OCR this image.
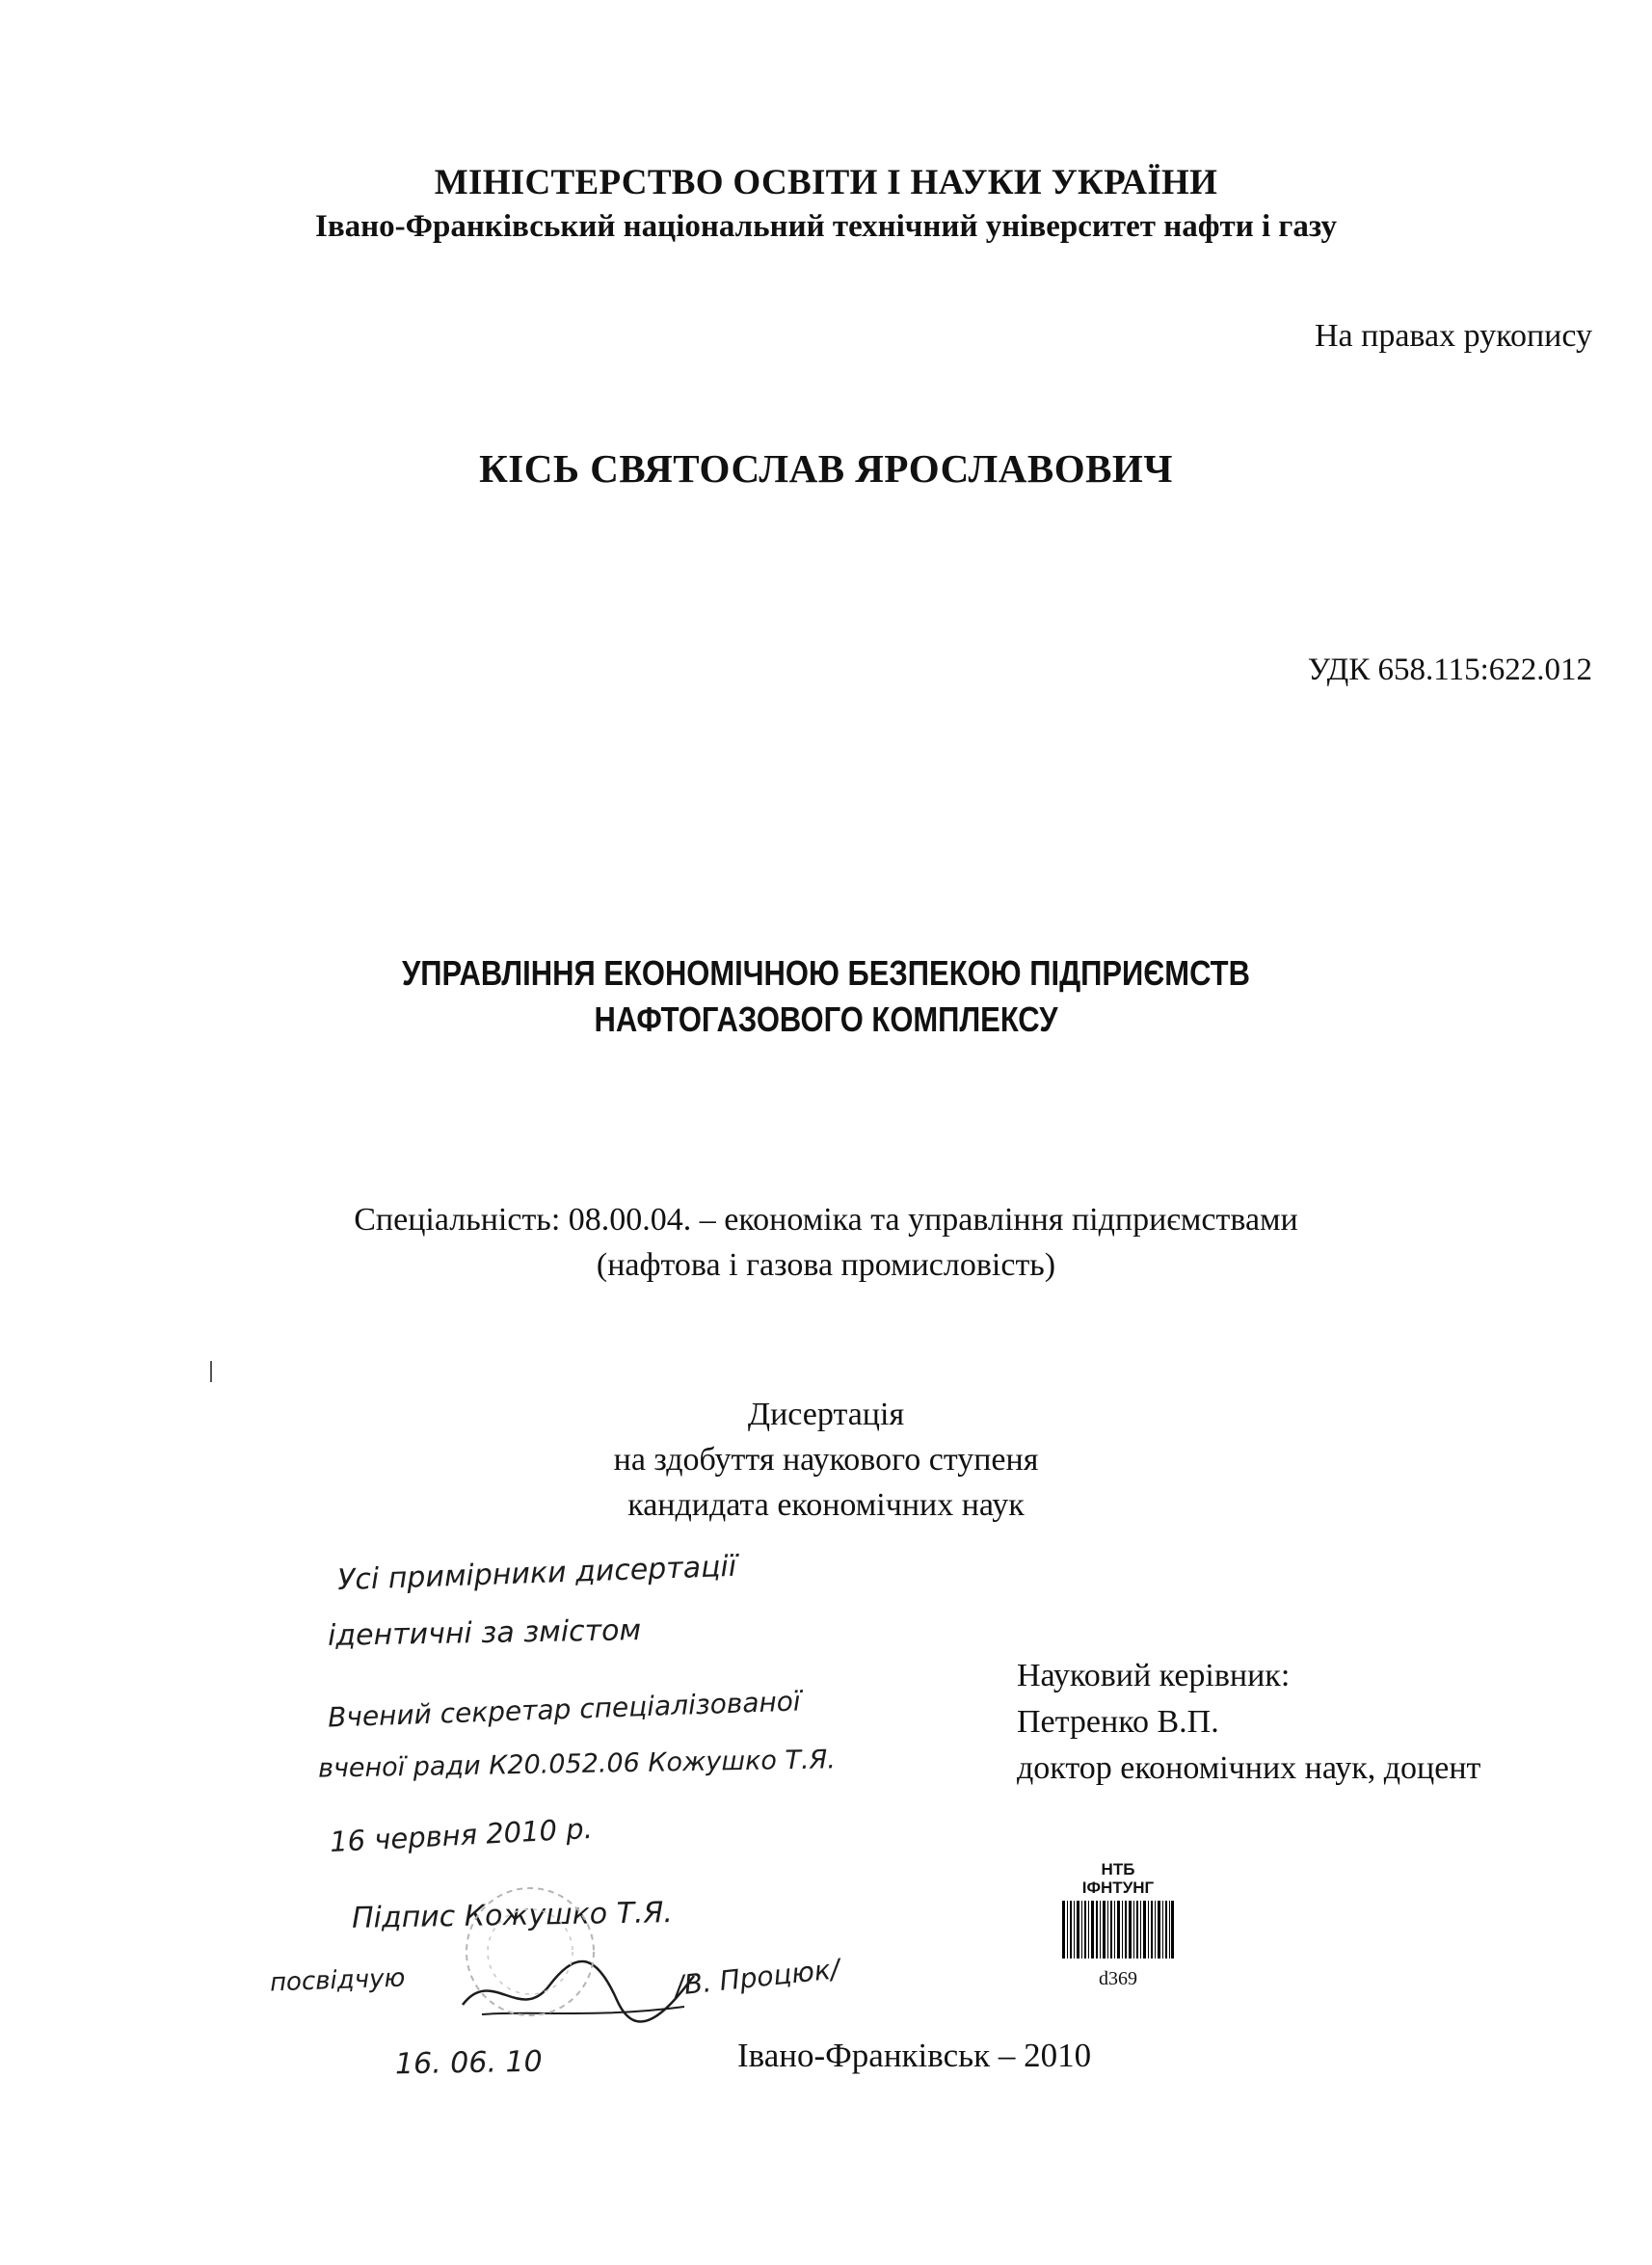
МІНІСТЕРСТВО ОСВІТИ І НАУКИ УКРАЇНИ
Івано-Франківський національний технічний університет нафти і газу
На правах рукопису
КІСЬ СВЯТОСЛАВ ЯРОСЛАВОВИЧ
УДК 658.115:622.012
УПРАВЛІННЯ ЕКОНОМІЧНОЮ БЕЗПЕКОЮ ПІДПРИЄМСТВ
НАФТОГАЗОВОГО КОМПЛЕКСУ
Спеціальність: 08.00.04. – економіка та управління підприємствами
(нафтова і газова промисловість)
Дисертація
на здобуття наукового ступеня
кандидата економічних наук
Усі примірники дисертації
ідентичні за змістом
Вчений секретар спеціалізованої
вченої ради К20.052.06 Кожушко Т.Я.
16 червня 2010 р.
Підпис Кожушко Т.Я.
посвідчую	/В. Процюк/
16. 06. 10
Науковий керівник:
Петренко В.П.
доктор економічних наук, доцент
НТБ
ІФНТУНГ
d369
Івано-Франківськ – 2010
